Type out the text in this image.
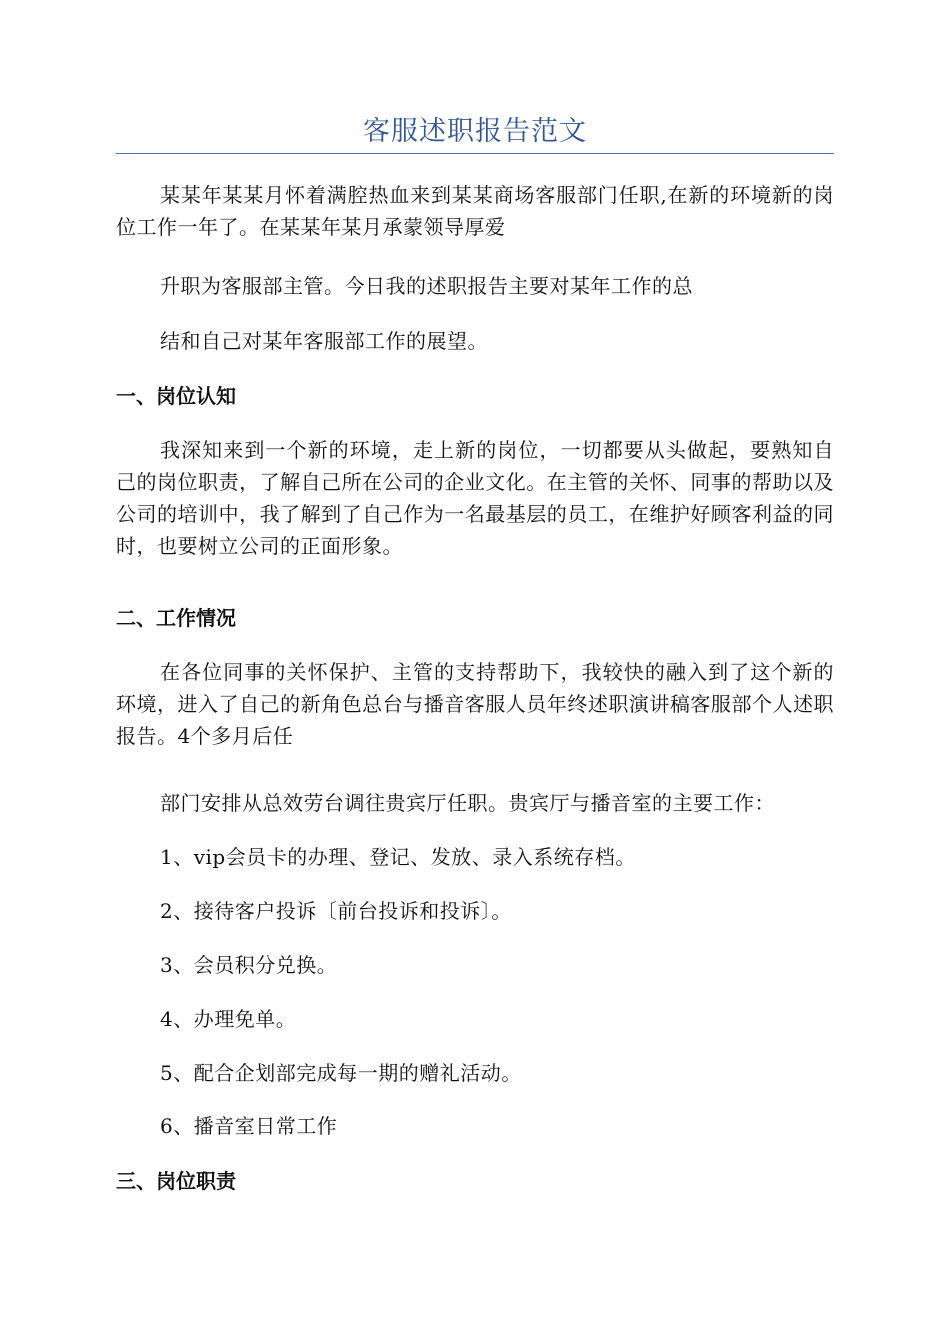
客服述职报告范文

某某年某某月怀着满腔热血来到某某商场客服部门任职,在新的环境新的岗位工作一年了。在某某年某月承蒙领导厚爱

升职为客服部主管。今日我的述职报告主要对某年工作的总

结和自己对某年客服部工作的展望。

一、岗位认知

我深知来到一个新的环境，走上新的岗位，一切都要从头做起，要熟知自己的岗位职责，了解自己所在公司的企业文化。在主管的关怀、同事的帮助以及公司的培训中，我了解到了自己作为一名最基层的员工，在维护好顾客利益的同时，也要树立公司的正面形象。

二、工作情况

在各位同事的关怀保护、主管的支持帮助下，我较快的融入到了这个新的环境，进入了自己的新角色总台与播音客服人员年终述职演讲稿客服部个人述职报告。4个多月后任

部门安排从总效劳台调往贵宾厅任职。贵宾厅与播音室的主要工作：

1、vip会员卡的办理、登记、发放、录入系统存档。

2、接待客户投诉〔前台投诉和投诉〕。

3、会员积分兑换。

4、办理免单。

5、配合企划部完成每一期的赠礼活动。

6、播音室日常工作

三、岗位职责
